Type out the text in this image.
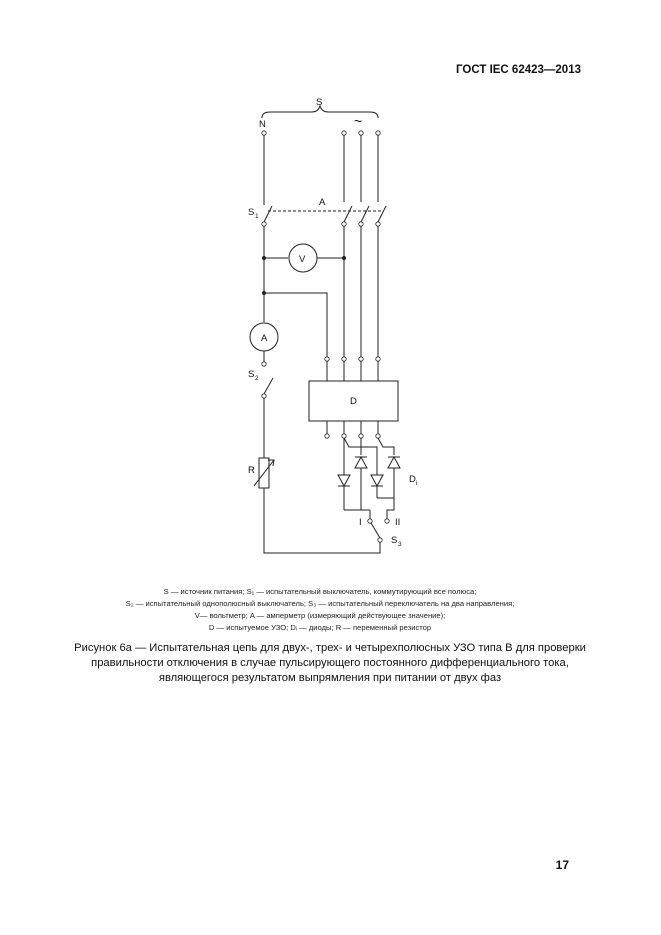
ГОСТ IEC 62423—2013
S
N	~
S 1
A
V
A
S 2
R
D
D i
I	II
S 3
S — источник питания; S₁ — испытательный выключатель, коммутирующий все полюса;
S₂ — испытательный однополюсный выключатель; S₃ — испытательный переключатель на два направления;
V— вольтметр; A — амперметр (измеряющий действующее значение);
D — испытуемое УЗО; Dᵢ — диоды; R — переменный резистор
Рисунок 6а — Испытательная цепь для двух-, трех- и четырехполюсных УЗО типа В для проверки
правильности отключения в случае пульсирующего постоянного дифференциального тока,
являющегося результатом выпрямления при питании от двух фаз
17
